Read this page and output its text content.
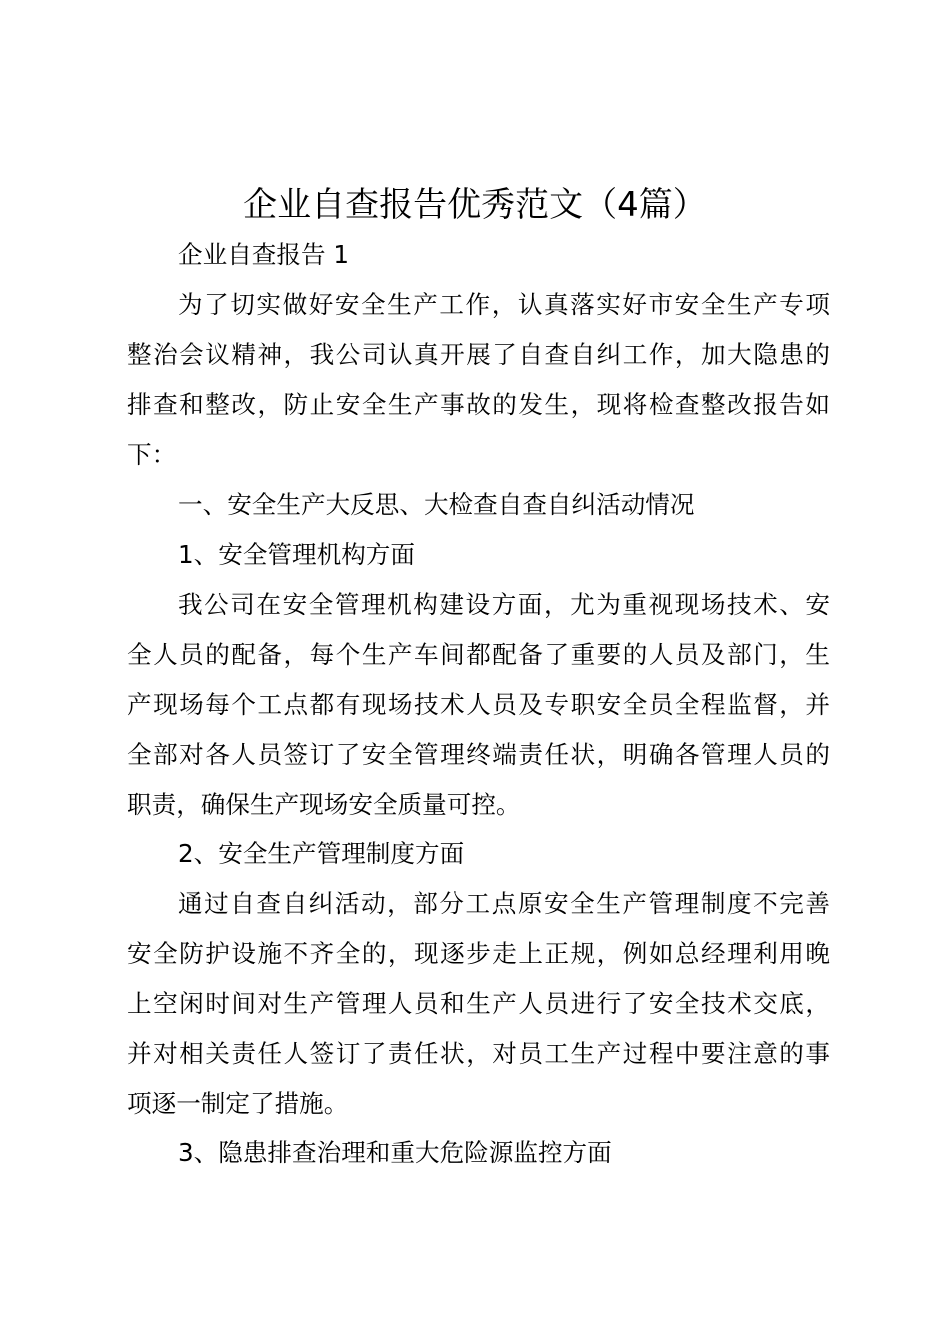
企业自查报告优秀范文（4篇）
企业自查报告 1
为了切实做好安全生产工作，认真落实好市安全生产专项
整治会议精神，我公司认真开展了自查自纠工作，加大隐患的
排查和整改，防止安全生产事故的发生，现将检查整改报告如
下：
一、安全生产大反思、大检查自查自纠活动情况
1、安全管理机构方面
我公司在安全管理机构建设方面，尤为重视现场技术、安
全人员的配备，每个生产车间都配备了重要的人员及部门，生
产现场每个工点都有现场技术人员及专职安全员全程监督，并
全部对各人员签订了安全管理终端责任状，明确各管理人员的
职责，确保生产现场安全质量可控。
2、安全生产管理制度方面
通过自查自纠活动，部分工点原安全生产管理制度不完善
安全防护设施不齐全的，现逐步走上正规，例如总经理利用晚
上空闲时间对生产管理人员和生产人员进行了安全技术交底，
并对相关责任人签订了责任状，对员工生产过程中要注意的事
项逐一制定了措施。
3、隐患排查治理和重大危险源监控方面
